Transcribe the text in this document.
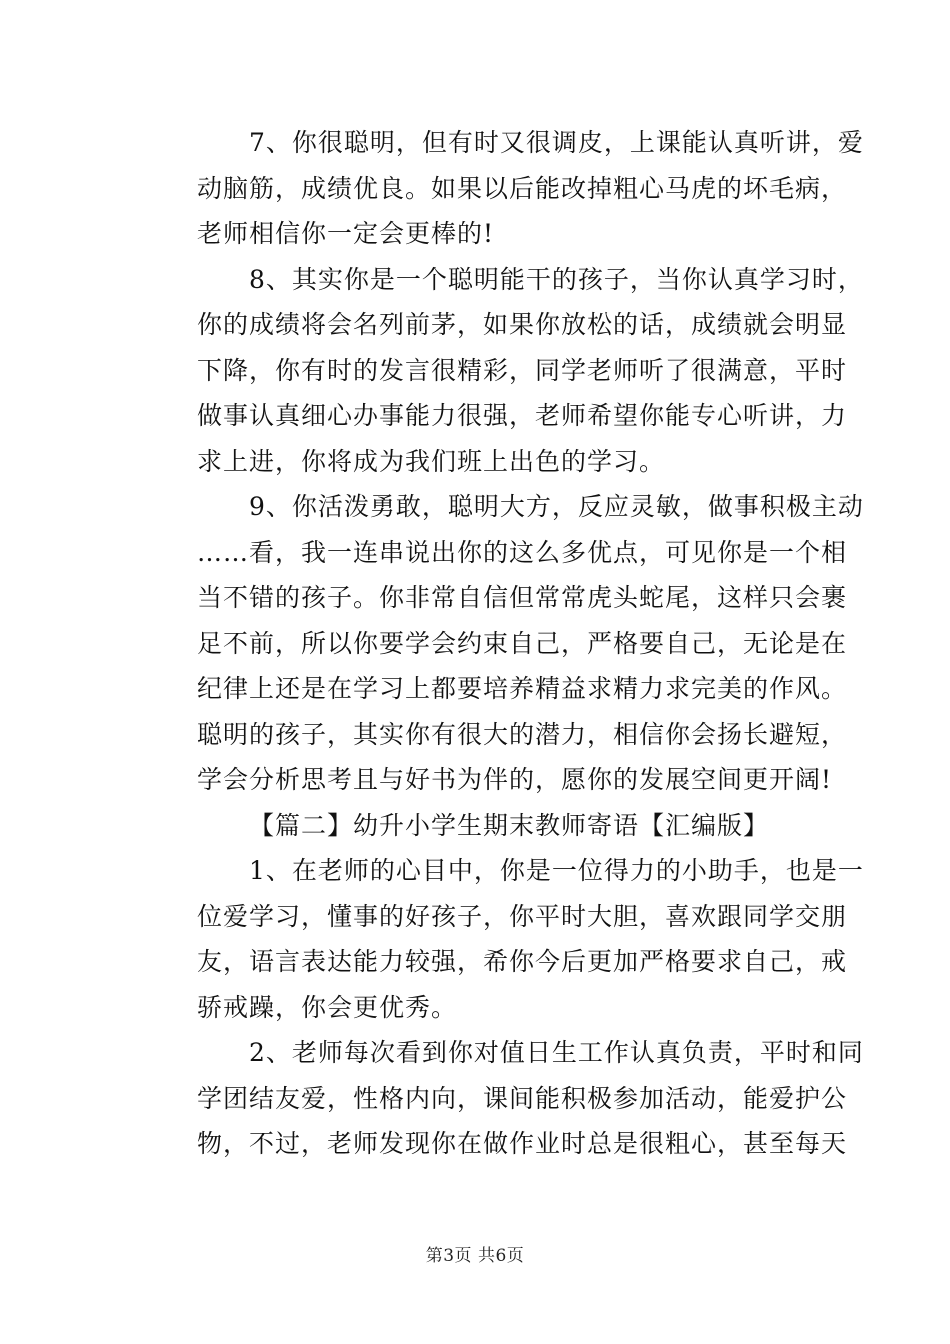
7、你很聪明，但有时又很调皮，上课能认真听讲，爱
动脑筋，成绩优良。如果以后能改掉粗心马虎的坏毛病，
老师相信你一定会更棒的!
8、其实你是一个聪明能干的孩子，当你认真学习时，
你的成绩将会名列前茅，如果你放松的话，成绩就会明显
下降，你有时的发言很精彩，同学老师听了很满意，平时
做事认真细心办事能力很强，老师希望你能专心听讲，力
求上进，你将成为我们班上出色的学习。
9、你活泼勇敢，聪明大方，反应灵敏，做事积极主动
……看，我一连串说出你的这么多优点，可见你是一个相
当不错的孩子。你非常自信但常常虎头蛇尾，这样只会裹
足不前，所以你要学会约束自己，严格要自己，无论是在
纪律上还是在学习上都要培养精益求精力求完美的作风。
聪明的孩子，其实你有很大的潜力，相信你会扬长避短，
学会分析思考且与好书为伴的，愿你的发展空间更开阔!
【篇二】幼升小学生期末教师寄语【汇编版】
1、在老师的心目中，你是一位得力的小助手，也是一
位爱学习，懂事的好孩子，你平时大胆，喜欢跟同学交朋
友，语言表达能力较强，希你今后更加严格要求自己，戒
骄戒躁，你会更优秀。
2、老师每次看到你对值日生工作认真负责，平时和同
学团结友爱，性格内向，课间能积极参加活动，能爱护公
物，不过，老师发现你在做作业时总是很粗心，甚至每天
第3页 共6页
